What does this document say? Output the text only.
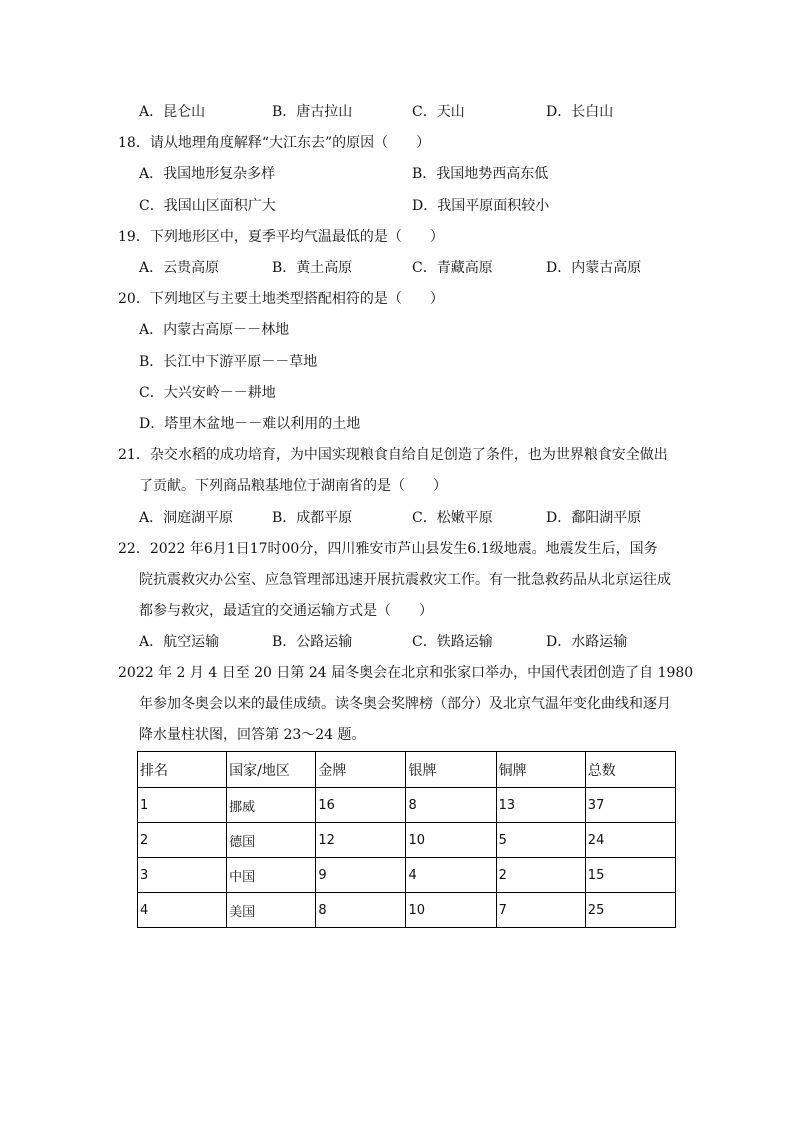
A．昆仑山	B．唐古拉山	C．天山	D．长白山
18．请从地理角度解释“大江东去”的原因（　　）
A．我国地形复杂多样	B．我国地势西高东低
C．我国山区面积广大	D．我国平原面积较小
19．下列地形区中，夏季平均气温最低的是（　　）
A．云贵高原	B．黄土高原	C．青藏高原	D．内蒙古高原
20．下列地区与主要土地类型搭配相符的是（　　）
A．内蒙古高原－－林地
B．长江中下游平原－－草地
C．大兴安岭－－耕地
D．塔里木盆地－－难以利用的土地
21．杂交水稻的成功培育，为中国实现粮食自给自足创造了条件，也为世界粮食安全做出
了贡献。下列商品粮基地位于湖南省的是（　　）
A．洞庭湖平原	B．成都平原	C．松嫩平原	D．鄱阳湖平原
22．2022 年6月1日17时00分，四川雅安市芦山县发生6.1级地震。地震发生后，国务
院抗震救灾办公室、应急管理部迅速开展抗震救灾工作。有一批急救药品从北京运往成
都参与救灾，最适宜的交通运输方式是（　　）
A．航空运输	B．公路运输	C．铁路运输	D．水路运输
2022 年 2 月 4 日至 20 日第 24 届冬奥会在北京和张家口举办，中国代表团创造了自 1980
年参加冬奥会以来的最佳成绩。读冬奥会奖牌榜（部分）及北京气温年变化曲线和逐月
降水量柱状图，回答第 23～24 题。
排名	国家/地区	金牌	银牌	铜牌	总数
1	挪威	16	8	13	37
2	德国	12	10	5	24
3	中国	9	4	2	15
4	美国	8	10	7	25
